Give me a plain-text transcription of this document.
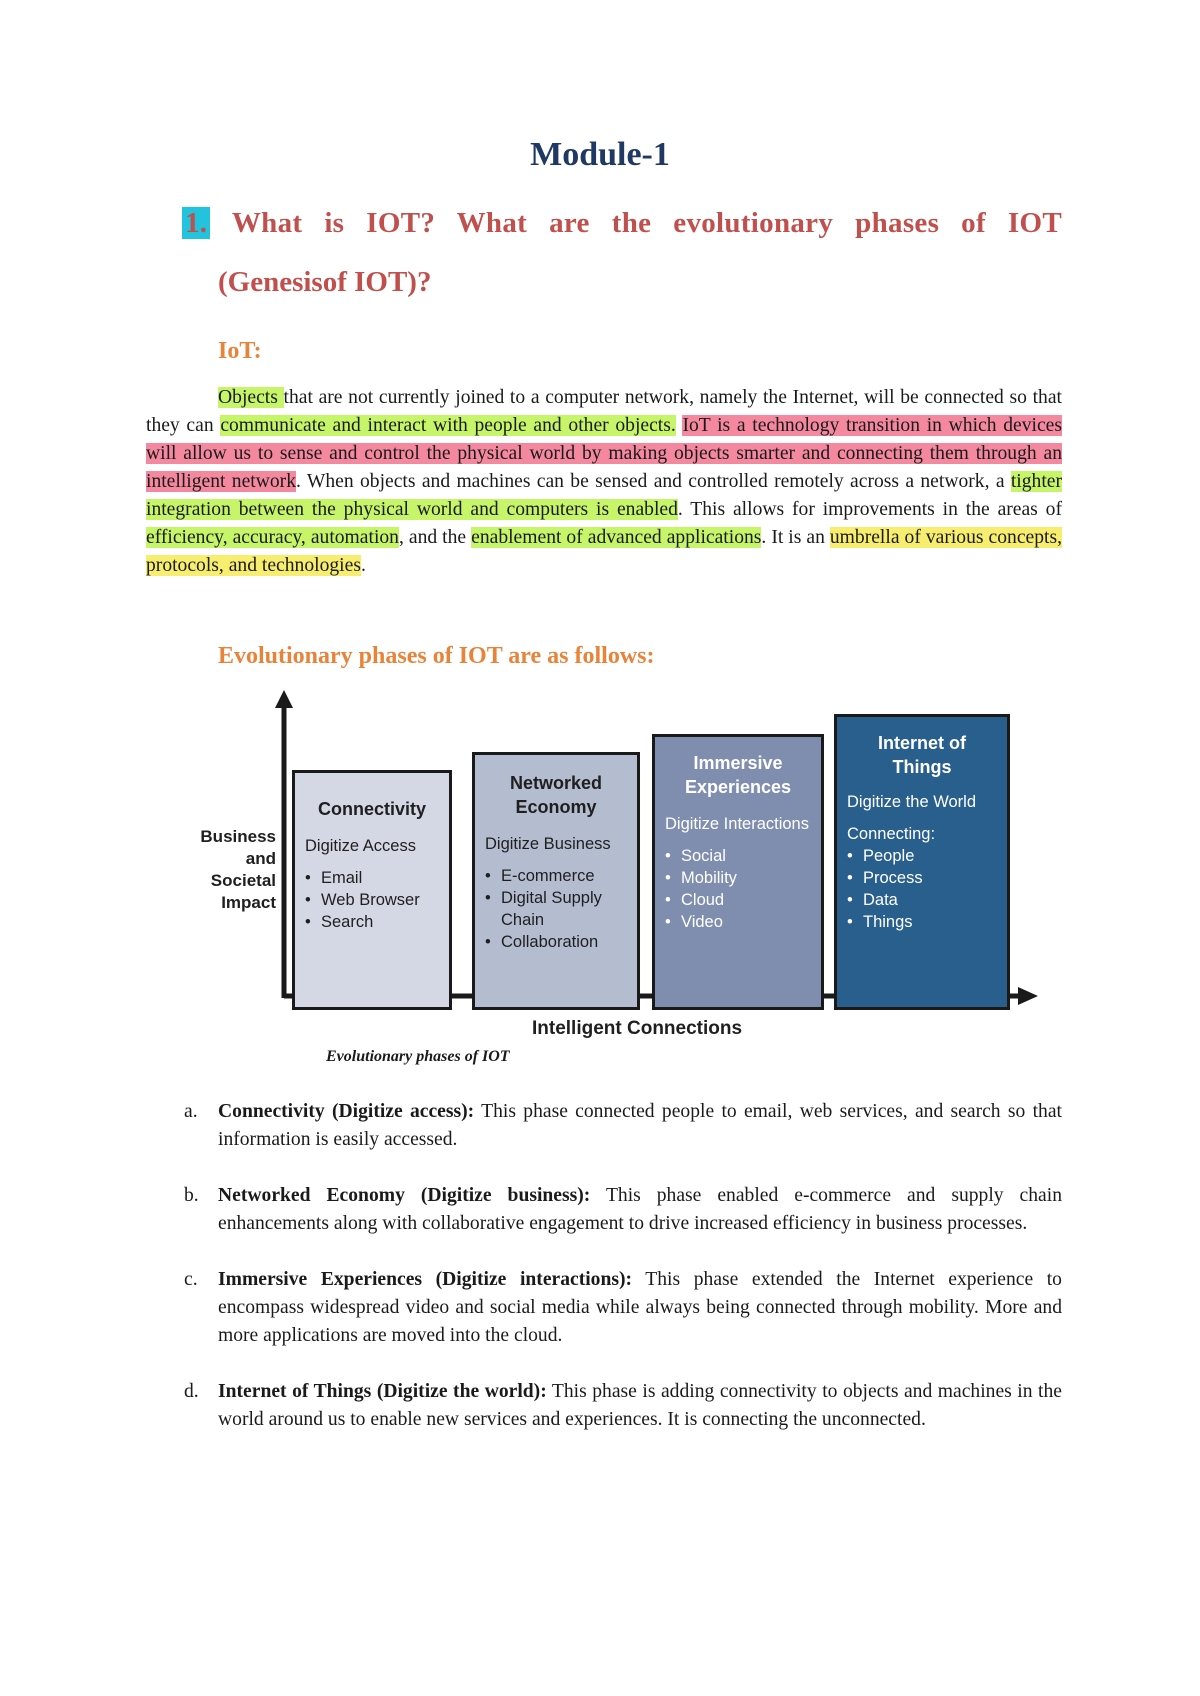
Module-1
1. What is IOT? What are the evolutionary phases of IOT
(Genesisof IOT)?
IoT:

Objects that are not currently joined to a computer network, namely the Internet, will be connected so that they can communicate and interact with people and other objects. IoT is a technology transition in which devices will allow us to sense and control the physical world by making objects smarter and connecting them through an intelligent network. When objects and machines can be sensed and controlled remotely across a network, a tighter integration between the physical world and computers is enabled. This allows for improvements in the areas of efficiency, accuracy, automation, and the enablement of advanced applications. It is an umbrella of various concepts, protocols, and technologies.

Evolutionary phases of IOT are as follows:
Business
and
Societal
Impact
Connectivity
Digitize Access
• Email
• Web Browser
• Search
Networked
Economy
Digitize Business
• E-commerce
• Digital Supply Chain
• Collaboration
Immersive
Experiences
Digitize Interactions
• Social
• Mobility
• Cloud
• Video
Internet of
Things
Digitize the World
Connecting:
• People
• Process
• Data
• Things
Intelligent Connections
Evolutionary phases of IOT
a. Connectivity (Digitize access): This phase connected people to email, web services, and search so that information is easily accessed.
b. Networked Economy (Digitize business): This phase enabled e-commerce and supply chain enhancements along with collaborative engagement to drive increased efficiency in business processes.
c. Immersive Experiences (Digitize interactions): This phase extended the Internet experience to encompass widespread video and social media while always being connected through mobility. More and more applications are moved into the cloud.
d. Internet of Things (Digitize the world): This phase is adding connectivity to objects and machines in the world around us to enable new services and experiences. It is connecting the unconnected.
